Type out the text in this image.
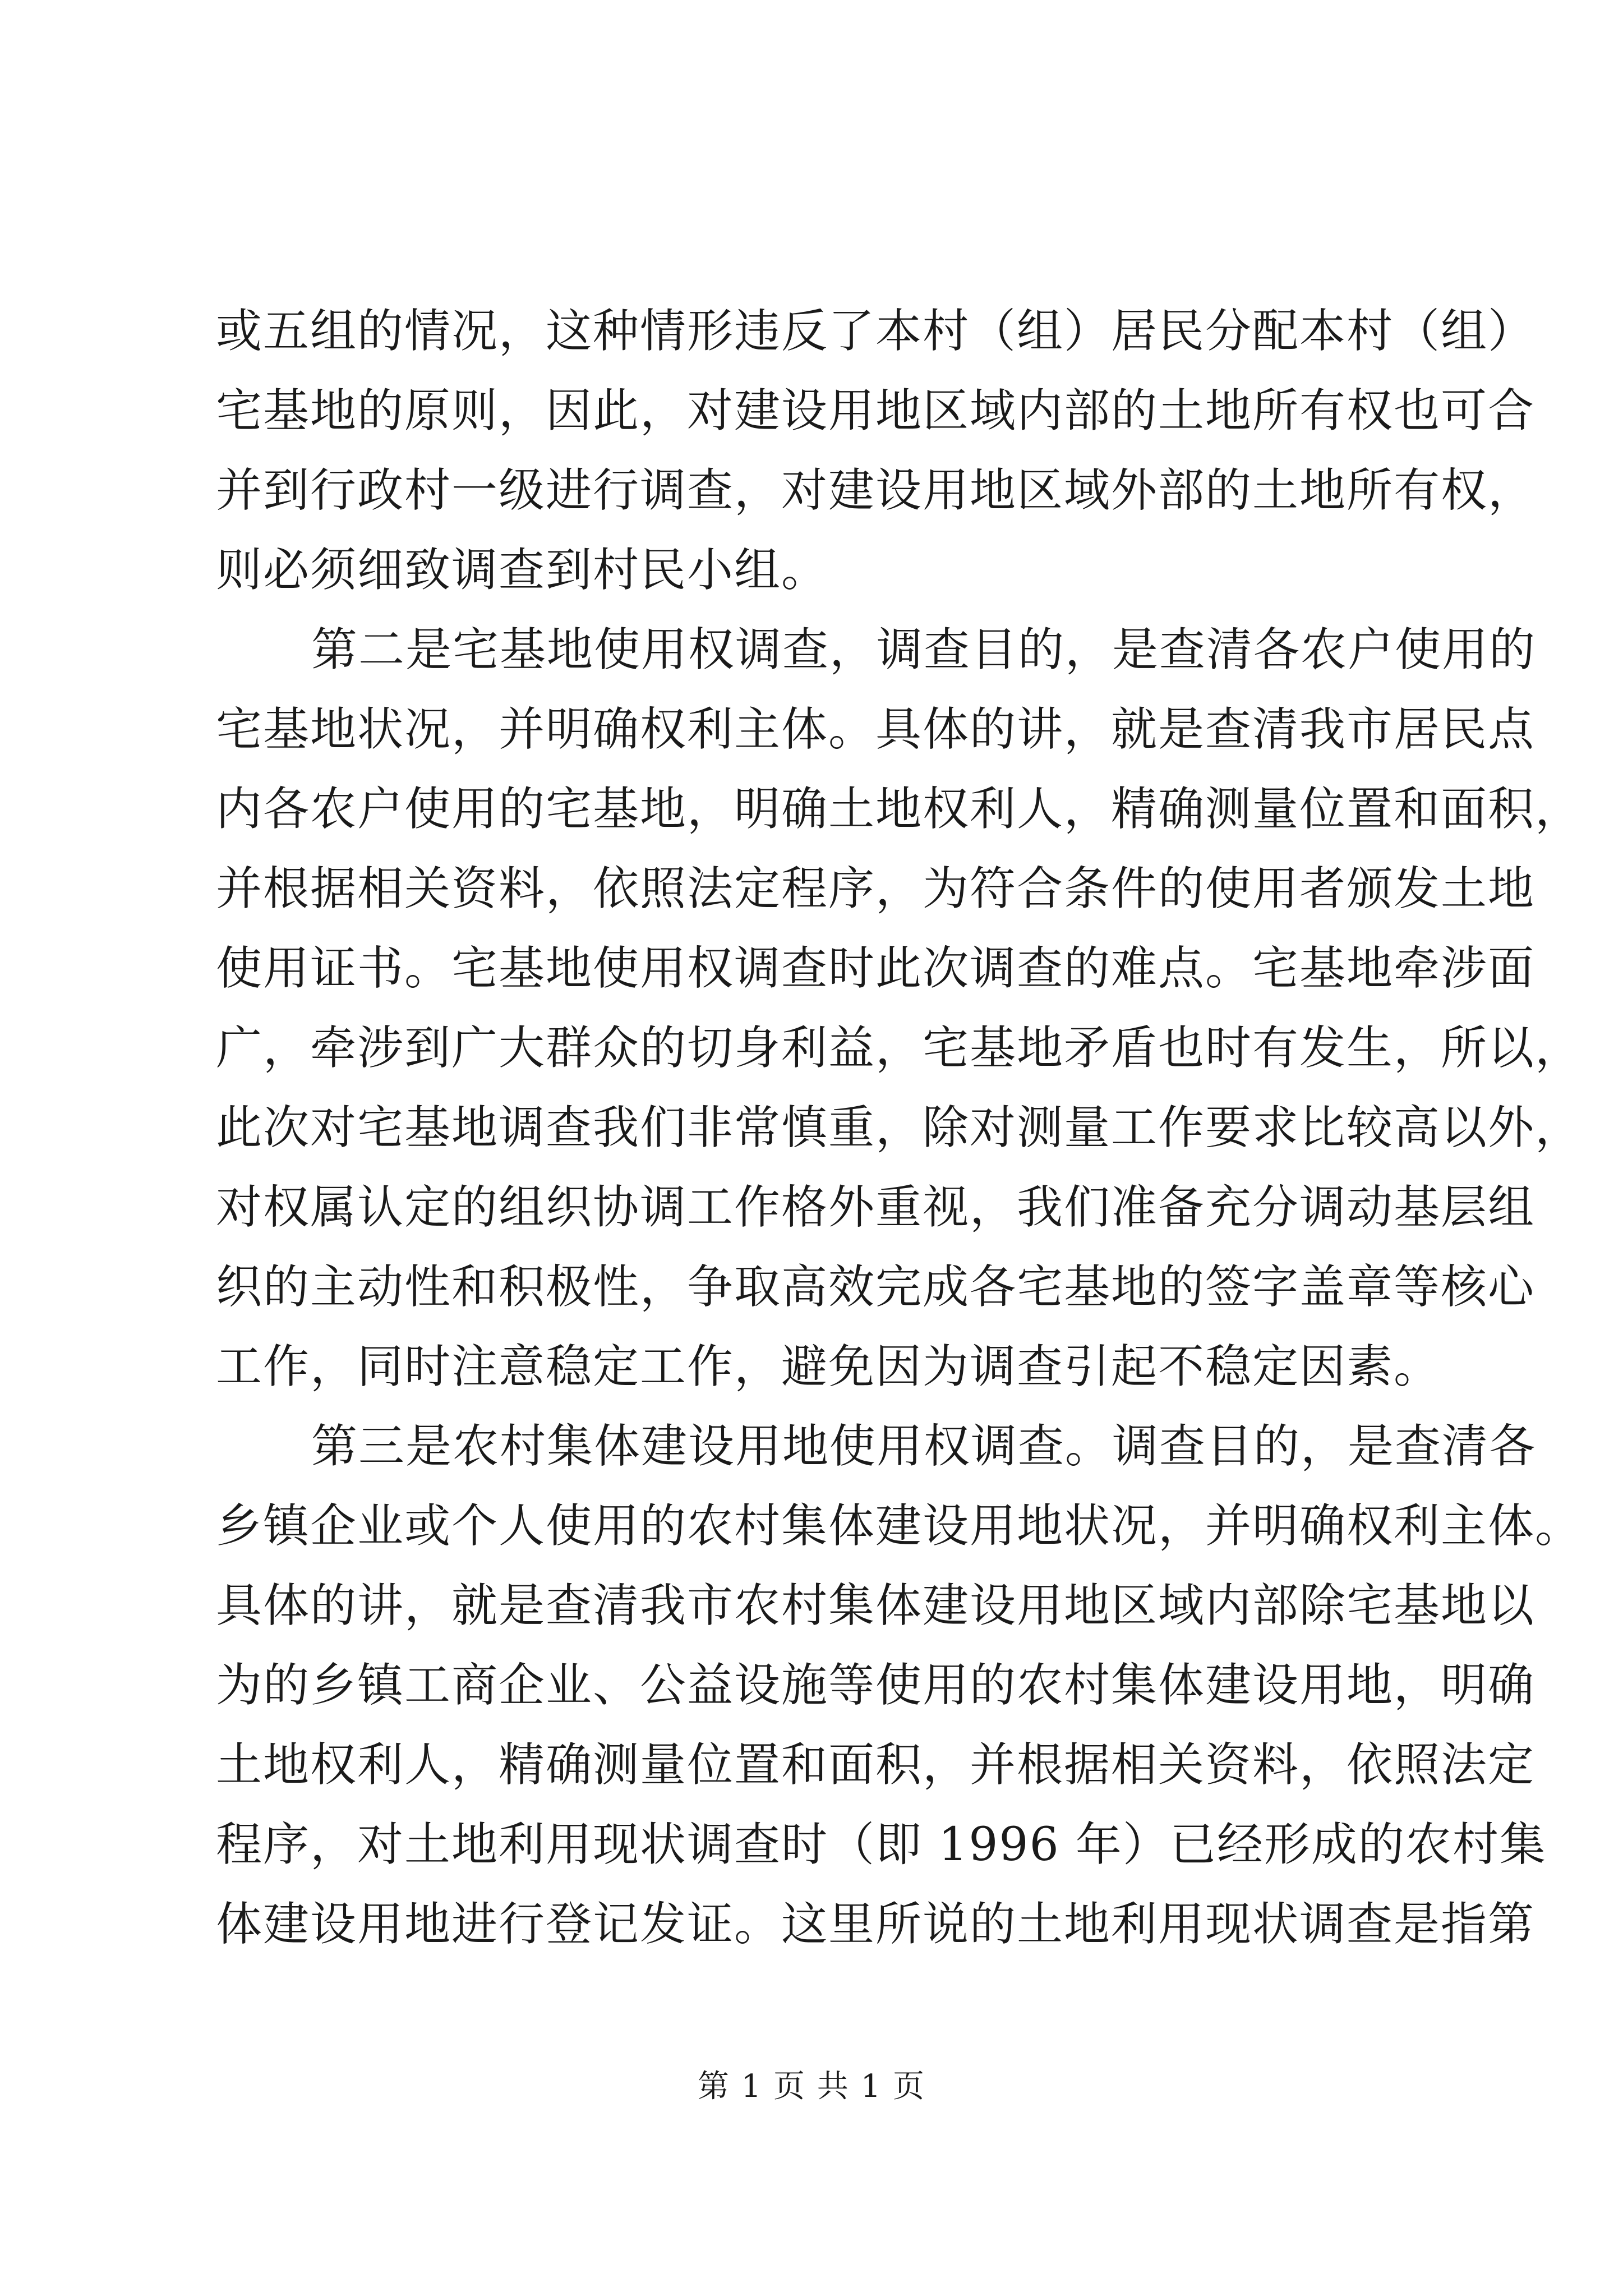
或五组的情况，这种情形违反了本村（组）居民分配本村（组）
宅基地的原则，因此，对建设用地区域内部的土地所有权也可合
并到行政村一级进行调查，对建设用地区域外部的土地所有权，
则必须细致调查到村民小组。
第二是宅基地使用权调查，调查目的，是查清各农户使用的
宅基地状况，并明确权利主体。具体的讲，就是查清我市居民点
内各农户使用的宅基地，明确土地权利人，精确测量位置和面积，
并根据相关资料，依照法定程序，为符合条件的使用者颁发土地
使用证书。宅基地使用权调查时此次调查的难点。宅基地牵涉面
广，牵涉到广大群众的切身利益，宅基地矛盾也时有发生，所以，
此次对宅基地调查我们非常慎重，除对测量工作要求比较高以外，
对权属认定的组织协调工作格外重视，我们准备充分调动基层组
织的主动性和积极性，争取高效完成各宅基地的签字盖章等核心
工作，同时注意稳定工作，避免因为调查引起不稳定因素。
第三是农村集体建设用地使用权调查。调查目的，是查清各
乡镇企业或个人使用的农村集体建设用地状况，并明确权利主体。
具体的讲，就是查清我市农村集体建设用地区域内部除宅基地以
为的乡镇工商企业、公益设施等使用的农村集体建设用地，明确
土地权利人，精确测量位置和面积，并根据相关资料，依照法定
程序，对土地利用现状调查时（即 1996 年）已经形成的农村集
体建设用地进行登记发证。这里所说的土地利用现状调查是指第
第 1 页 共 1 页
